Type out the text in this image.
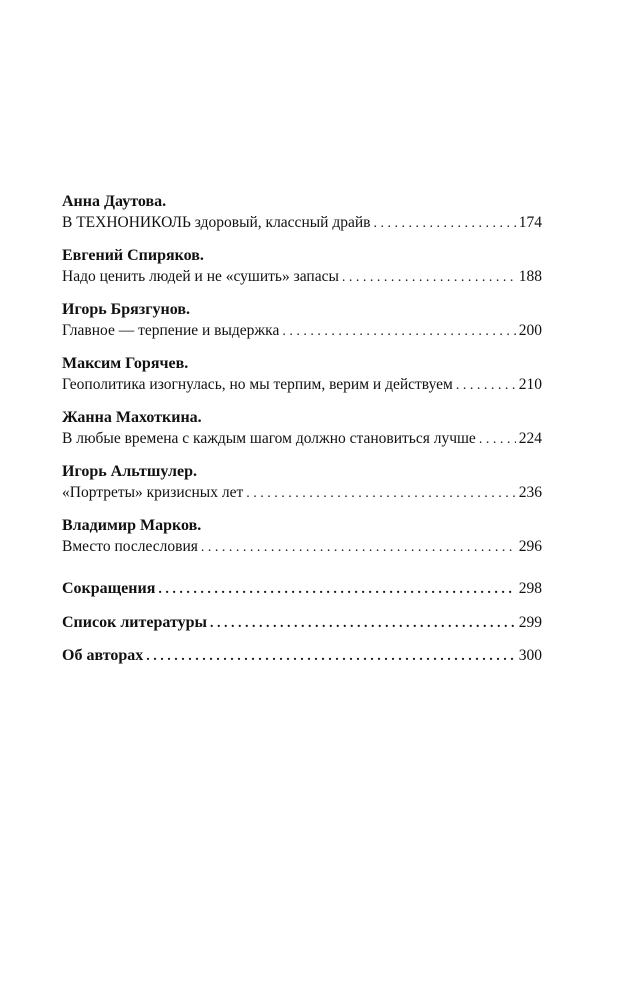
Анна Даутова.
В ТЕХНОНИКОЛЬ здоровый, классный драйв . . .	174
Евгений Спиряков.
Надо ценить людей и не «сушить» запасы . . .	188
Игорь Брязгунов.
Главное — терпение и выдержка . . .	200
Максим Горячев.
Геополитика изогнулась, но мы терпим, верим и действуем . . .	210
Жанна Махоткина.
В любые времена с каждым шагом должно становиться лучше . . .	224
Игорь Альтшулер.
«Портреты» кризисных лет . . .	236
Владимир Марков.
Вместо послесловия . . .	296
Сокращения . . .	298
Список литературы . . .	299
Об авторах . . .	300
